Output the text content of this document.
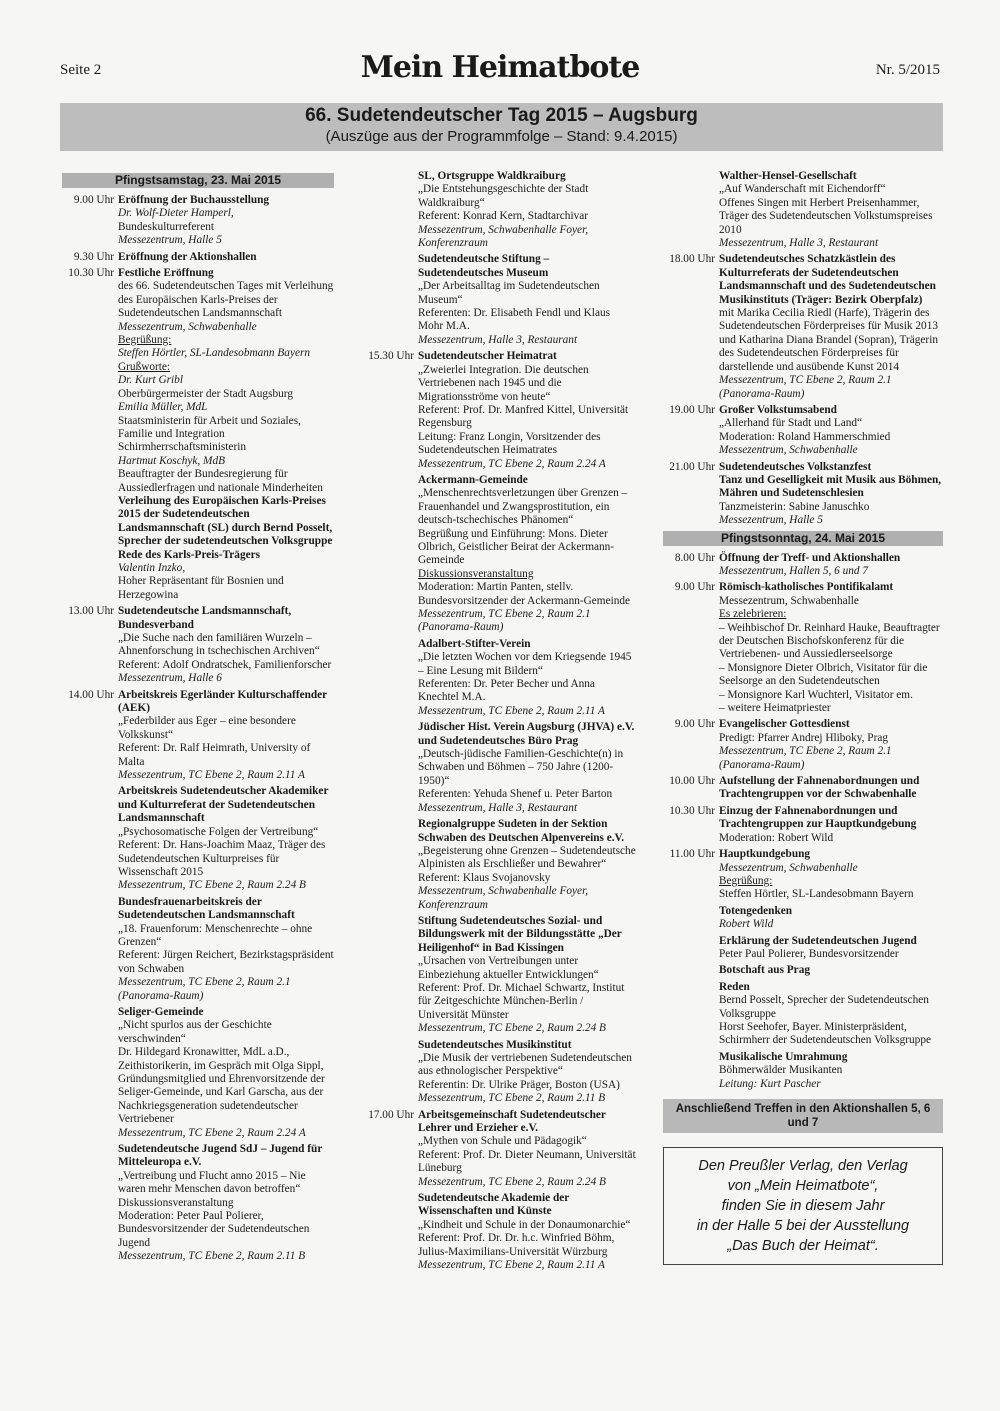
Seite 2	Mein Heimatbote	Nr. 5/2015
66. Sudetendeutscher Tag 2015 – Augsburg
(Auszüge aus der Programmfolge – Stand: 9.4.2015)
Pfingstsamstag, 23. Mai 2015
9.00 Uhr Eröffnung der Buchausstellung
Dr. Wolf-Dieter Hamperl,
Bundeskulturreferent
Messezentrum, Halle 5
9.30 Uhr Eröffnung der Aktionshallen
10.30 Uhr Festliche Eröffnung
des 66. Sudetendeutschen Tages mit Verleihung des Europäischen Karls-Preises der Sudetendeutschen Landsmannschaft
Messezentrum, Schwabenhalle
Begrüßung:
Steffen Hörtler, SL-Landesobmann Bayern
Grußworte:
Dr. Kurt Gribl
Oberbürgermeister der Stadt Augsburg
Emilia Müller, MdL
Staatsministerin für Arbeit und Soziales, Familie und Integration
Schirmherrschaftsministerin
Hartmut Koschyk, MdB
Beauftragter der Bundesregierung für Aussiedlerfragen und nationale Minderheiten
Verleihung des Europäischen Karls-Preises 2015 der Sudetendeutschen Landsmannschaft (SL) durch Bernd Posselt, Sprecher der sudetendeutschen Volksgruppe
Rede des Karls-Preis-Trägers
Valentin Inzko,
Hoher Repräsentant für Bosnien und Herzegowina
13.00 Uhr Sudetendeutsche Landsmannschaft, Bundesverband
„Die Suche nach den familiären Wurzeln – Ahnenforschung in tschechischen Archiven“
Referent: Adolf Ondratschek, Familienforscher
Messezentrum, Halle 6
14.00 Uhr Arbeitskreis Egerländer Kulturschaffender (AEK)
„Federbilder aus Eger – eine besondere Volkskunst“
Referent: Dr. Ralf Heimrath, University of Malta
Messezentrum, TC Ebene 2, Raum 2.11 A
Arbeitskreis Sudetendeutscher Akademiker und Kulturreferat der Sudetendeutschen Landsmannschaft
„Psychosomatische Folgen der Vertreibung“
Referent: Dr. Hans-Joachim Maaz, Träger des Sudetendeutschen Kulturpreises für Wissenschaft 2015
Messezentrum, TC Ebene 2, Raum 2.24 B
Bundesfrauenarbeitskreis der Sudetendeutschen Landsmannschaft
„18. Frauenforum: Menschenrechte – ohne Grenzen“
Referent: Jürgen Reichert, Bezirkstagspräsident von Schwaben
Messezentrum, TC Ebene 2, Raum 2.1 (Panorama-Raum)
Seliger-Gemeinde
„Nicht spurlos aus der Geschichte verschwinden“
Dr. Hildegard Kronawitter, MdL a.D., Zeithistorikerin, im Gespräch mit Olga Sippl, Gründungsmitglied und Ehrenvorsitzende der Seliger-Gemeinde, und Karl Garscha, aus der Nachkriegsgeneration sudetendeutscher Vertriebener
Messezentrum, TC Ebene 2, Raum 2.24 A
Sudetendeutsche Jugend SdJ – Jugend für Mitteleuropa e.V.
„Vertreibung und Flucht anno 2015 – Nie waren mehr Menschen davon betroffen“
Diskussionsveranstaltung
Moderation: Peter Paul Polierer, Bundesvorsitzender der Sudetendeutschen Jugend
Messezentrum, TC Ebene 2, Raum 2.11 B
SL, Ortsgruppe Waldkraiburg
„Die Entstehungsgeschichte der Stadt Waldkraiburg“
Referent: Konrad Kern, Stadtarchivar
Messezentrum, Schwabenhalle Foyer, Konferenzraum
Sudetendeutsche Stiftung – Sudetendeutsches Museum
„Der Arbeitsalltag im Sudetendeutschen Museum“
Referenten: Dr. Elisabeth Fendl und Klaus Mohr M.A.
Messezentrum, Halle 3, Restaurant
15.30 Uhr Sudetendeutscher Heimatrat
„Zweierlei Integration. Die deutschen Vertriebenen nach 1945 und die Migrationsströme von heute“
Referent: Prof. Dr. Manfred Kittel, Universität Regensburg
Leitung: Franz Longin, Vorsitzender des Sudetendeutschen Heimatrates
Messezentrum, TC Ebene 2, Raum 2.24 A
Ackermann-Gemeinde
„Menschenrechtsverletzungen über Grenzen – Frauenhandel und Zwangsprostitution, ein deutsch-tschechisches Phänomen“
Begrüßung und Einführung: Mons. Dieter Olbrich, Geistlicher Beirat der Ackermann-Gemeinde
Diskussionsveranstaltung
Moderation: Martin Panten, stellv. Bundesvorsitzender der Ackermann-Gemeinde
Messezentrum, TC Ebene 2, Raum 2.1 (Panorama-Raum)
Adalbert-Stifter-Verein
„Die letzten Wochen vor dem Kriegsende 1945 – Eine Lesung mit Bildern“
Referenten: Dr. Peter Becher und Anna Knechtel M.A.
Messezentrum, TC Ebene 2, Raum 2.11 A
Jüdischer Hist. Verein Augsburg (JHVA) e.V. und Sudetendeutsches Büro Prag
„Deutsch-jüdische Familien-Geschichte(n) in Schwaben und Böhmen – 750 Jahre (1200-1950)“
Referenten: Yehuda Shenef u. Peter Barton
Messezentrum, Halle 3, Restaurant
Regionalgruppe Sudeten in der Sektion Schwaben des Deutschen Alpenvereins e.V.
„Begeisterung ohne Grenzen – Sudetendeutsche Alpinisten als Erschließer und Bewahrer“
Referent: Klaus Svojanovsky
Messezentrum, Schwabenhalle Foyer, Konferenzraum
Stiftung Sudetendeutsches Sozial- und Bildungswerk mit der Bildungsstätte „Der Heiligenhof“ in Bad Kissingen
„Ursachen von Vertreibungen unter Einbeziehung aktueller Entwicklungen“
Referent: Prof. Dr. Michael Schwartz, Institut für Zeitgeschichte München-Berlin / Universität Münster
Messezentrum, TC Ebene 2, Raum 2.24 B
Sudetendeutsches Musikinstitut
„Die Musik der vertriebenen Sudetendeutschen aus ethnologischer Perspektive“
Referentin: Dr. Ulrike Präger, Boston (USA)
Messezentrum, TC Ebene 2, Raum 2.11 B
17.00 Uhr Arbeitsgemeinschaft Sudetendeutscher Lehrer und Erzieher e.V.
„Mythen von Schule und Pädagogik“
Referent: Prof. Dr. Dieter Neumann, Universität Lüneburg
Messezentrum, TC Ebene 2, Raum 2.24 B
Sudetendeutsche Akademie der Wissenschaften und Künste
„Kindheit und Schule in der Donaumonarchie“
Referent: Prof. Dr. Dr. h.c. Winfried Böhm, Julius-Maximilians-Universität Würzburg
Messezentrum, TC Ebene 2, Raum 2.11 A
Walther-Hensel-Gesellschaft
„Auf Wanderschaft mit Eichendorff“
Offenes Singen mit Herbert Preisenhammer, Träger des Sudetendeutschen Volkstumspreises 2010
Messezentrum, Halle 3, Restaurant
18.00 Uhr Sudetendeutsches Schatzkästlein des Kulturreferats der Sudetendeutschen Landsmannschaft und des Sudetendeutschen Musikinstituts (Träger: Bezirk Oberpfalz)
mit Marika Cecilia Riedl (Harfe), Trägerin des Sudetendeutschen Förderpreises für Musik 2013 und Katharina Diana Brandel (Sopran), Trägerin des Sudetendeutschen Förderpreises für darstellende und ausübende Kunst 2014
Messezentrum, TC Ebene 2, Raum 2.1 (Panorama-Raum)
19.00 Uhr Großer Volkstumsabend
„Allerhand für Stadt und Land“
Moderation: Roland Hammerschmied
Messezentrum, Schwabenhalle
21.00 Uhr Sudetendeutsches Volkstanzfest
Tanz und Geselligkeit mit Musik aus Böhmen, Mähren und Sudetenschlesien
Tanzmeisterin: Sabine Januschko
Messezentrum, Halle 5
Pfingstsonntag, 24. Mai 2015
8.00 Uhr Öffnung der Treff- und Aktionshallen
Messezentrum, Hallen 5, 6 und 7
9.00 Uhr Römisch-katholisches Pontifikalamt
Messezentrum, Schwabenhalle
Es zelebrieren:
– Weihbischof Dr. Reinhard Hauke, Beauftragter der Deutschen Bischofskonferenz für die Vertriebenen- und Aussiedlerseelsorge
– Monsignore Dieter Olbrich, Visitator für die Seelsorge an den Sudetendeutschen
– Monsignore Karl Wuchterl, Visitator em.
– weitere Heimatpriester
9.00 Uhr Evangelischer Gottesdienst
Predigt: Pfarrer Andrej Hliboky, Prag
Messezentrum, TC Ebene 2, Raum 2.1 (Panorama-Raum)
10.00 Uhr Aufstellung der Fahnenabordnungen und Trachtengruppen vor der Schwabenhalle
10.30 Uhr Einzug der Fahnenabordnungen und Trachtengruppen zur Hauptkundgebung
Moderation: Robert Wild
11.00 Uhr Hauptkundgebung
Messezentrum, Schwabenhalle
Begrüßung:
Steffen Hörtler, SL-Landesobmann Bayern
Totengedenken
Robert Wild
Erklärung der Sudetendeutschen Jugend
Peter Paul Polierer, Bundesvorsitzender
Botschaft aus Prag
Reden
Bernd Posselt, Sprecher der Sudetendeutschen Volksgruppe
Horst Seehofer, Bayer. Ministerpräsident, Schirmherr der Sudetendeutschen Volksgruppe
Musikalische Umrahmung
Böhmerwälder Musikanten
Leitung: Kurt Pascher
Anschließend Treffen in den Aktionshallen 5, 6 und 7
Den Preußler Verlag, den Verlag
von „Mein Heimatbote“,
finden Sie in diesem Jahr
in der Halle 5 bei der Ausstellung
„Das Buch der Heimat“.
